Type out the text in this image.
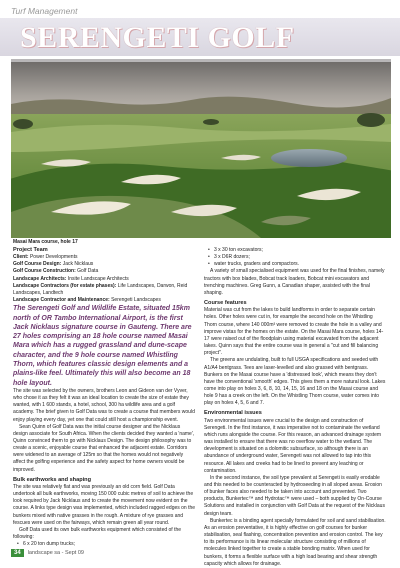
Turf Management
SERENGETI GOLF
Masai Mara course, hole 17

Project Team

Client: Power Developments
Golf Course Design: Jack Nicklaus
Golf Course Construction: Golf Data
Landscape Architects: Insite Landscape Architects
Landscape Contractors (for estate phases): Life Landscapes, Darwon, Reid Landscapes, Landtech
Landscape Contractor and Maintenance: Serengeti Landscapes

The Serengeti Golf and Wildlife Estate, situated 15km north of OR Tambo International Airport, is the first Jack Nicklaus signature course in Gauteng. There are 27 holes comprising an 18 hole course named Masai Mara which has a rugged grassland and dune-scape character, and the 9 hole course named Whistling Thorn, which features classic design elements and a plains-like feel. Ultimately this will also become an 18 hole layout.

The site was selected by the owners, brothers Leon and Gideon van der Vyver, who chose it as they felt it was an ideal location to create the size of estate they wanted, with 1 600 stands, a hotel, school, 300 ha wildlife area and a golf academy. The brief given to Golf Data was to create a course that members would enjoy playing every day, yet one that could still host a championship event.

Sean Quinn of Golf Data was the initial course designer and the Nicklaus design associate for South Africa. When the clients decided they wanted a 'name', Quinn convinced them to go with Nicklaus Design. The design philosophy was to create a scenic, enjoyable course that enhanced the adjacent estate. Corridors were widened to an average of 125m so that the homes would not negatively affect the golfing experience and the safety aspect for home owners would be improved.

Bulk earthworks and shaping

The site was relatively flat and was previously an old corn field. Golf Data undertook all bulk earthworks, moving 150 000 cubic metres of soil to achieve the look required by Jack Nicklaus and to create the movement now evident on the course. A links type design was implemented, which included ragged edges on the bunkers mixed with native grasses in the rough. A mixture of rye grasses and fescues were used on the fairways, which remain green all year round.

Golf Data used its own bulk earthworks equipment which consisted of the following:

• 6 x 20 ton dump trucks;
• 3 x 30 ton excavators;
• 3 x D6R dozers;
• water trucks, graders and compactors.

A variety of small specialised equipment was used for the final finishes, namely tractors with box blades, Bobcat track loaders, Bobcat mini excavators and trenching machines. Greg Gunn, a Canadian shaper, assisted with the final shaping.

Course features

Material was cut from the lakes to build landforms in order to separate certain holes. Other holes were cut in, for example the second hole on the Whistling Thorn course, where 140 000m³ were removed to create the hole in a valley and improve vistas for the homes on the estate. On the Masai Mara course, holes 14-17 were raised out of the floodplain using material excavated from the adjacent lakes. Quinn says that the entire course was in general a "cut and fill balancing project".

The greens are undulating, built to full USGA specifications and seeded with A1/A4 bentgrass. Tees are laser-levelled and also grassed with bentgrass. Bunkers on the Masai course have a 'distressed look', which means they don't have the conventional 'smooth' edges. This gives them a more natural look. Lakes come into play on holes 3, 6, 8, 10, 14, 15, 16 and 18 on the Masai course and hole 9 has a creek on the left. On the Whistling Thorn course, water comes into play on holes 4, 5, 6 and 7.

Environmental issues

Two environmental issues were crucial to the design and construction of Serengeti. In the first instance, it was imperative not to contaminate the wetland which runs alongside the course. For this reason, an advanced drainage system was installed to ensure that there was no overflow water to the wetland. The development is situated on a dolomitic subsurface, so although there is an abundance of underground water, Serengeti was not allowed to tap into this resource. All lakes and creeks had to be lined to prevent any leaching or contamination.

In the second instance, the soil type prevalent at Serengeti is easily erodable and this needed to be counteracted by hydroseeding in all sloped areas. Erosion of bunker faces also needed to be taken into account and prevented. Two products, Bunkertec™ and Hydrotac™ were used – both supplied by On-Course Solutions and installed in conjunction with Golf Data at the request of the Nicklaus design team.

Bunkertec is a binding agent specially formulated for soil and sand stabilisation. As an erosion preventative, it is highly effective on golf courses for bunker stabilisation, seal flashing, concentration prevention and erosion control. The key to its performance is its linear molecular structure consisting of millions of molecules linked together to create a stable bonding matrix. When used for bunkers, it forms a flexible surface with a high load bearing and shear strength capacity which allows for drainage.

34 landscape sa - Sept 09
